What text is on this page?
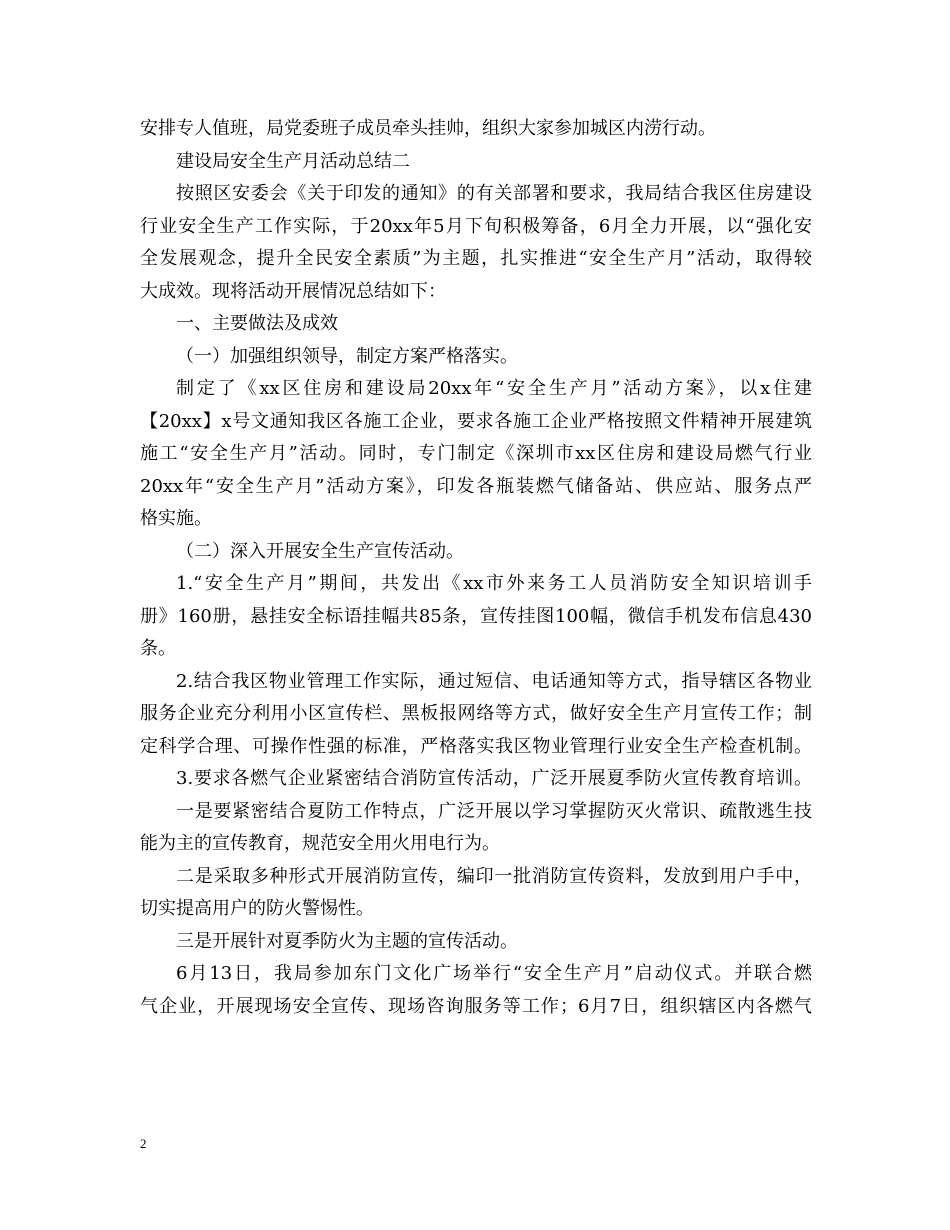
安排专人值班，局党委班子成员牵头挂帅，组织大家参加城区内涝行动。
建设局安全生产月活动总结二
按照区安委会《关于印发的通知》的有关部署和要求，我局结合我区住房建设
行业安全生产工作实际，于20xx年5月下旬积极筹备，6月全力开展，以“强化安
全发展观念，提升全民安全素质”为主题，扎实推进“安全生产月”活动，取得较
大成效。现将活动开展情况总结如下：
一、主要做法及成效
（一）加强组织领导，制定方案严格落实。
制定了《xx区住房和建设局20xx年“安全生产月”活动方案》，以x住建
【20xx】x号文通知我区各施工企业，要求各施工企业严格按照文件精神开展建筑
施工“安全生产月”活动。同时，专门制定《深圳市xx区住房和建设局燃气行业
20xx年“安全生产月”活动方案》，印发各瓶装燃气储备站、供应站、服务点严
格实施。
（二）深入开展安全生产宣传活动。
1.“安全生产月”期间，共发出《xx市外来务工人员消防安全知识培训手
册》160册，悬挂安全标语挂幅共85条，宣传挂图100幅，微信手机发布信息430
条。
2.结合我区物业管理工作实际，通过短信、电话通知等方式，指导辖区各物业
服务企业充分利用小区宣传栏、黑板报网络等方式，做好安全生产月宣传工作；制
定科学合理、可操作性强的标准，严格落实我区物业管理行业安全生产检查机制。
3.要求各燃气企业紧密结合消防宣传活动，广泛开展夏季防火宣传教育培训。
一是要紧密结合夏防工作特点，广泛开展以学习掌握防灭火常识、疏散逃生技
能为主的宣传教育，规范安全用火用电行为。
二是采取多种形式开展消防宣传，编印一批消防宣传资料，发放到用户手中，
切实提高用户的防火警惕性。
三是开展针对夏季防火为主题的宣传活动。
6月13日，我局参加东门文化广场举行“安全生产月”启动仪式。并联合燃
气企业，开展现场安全宣传、现场咨询服务等工作；6月7日，组织辖区内各燃气
2
